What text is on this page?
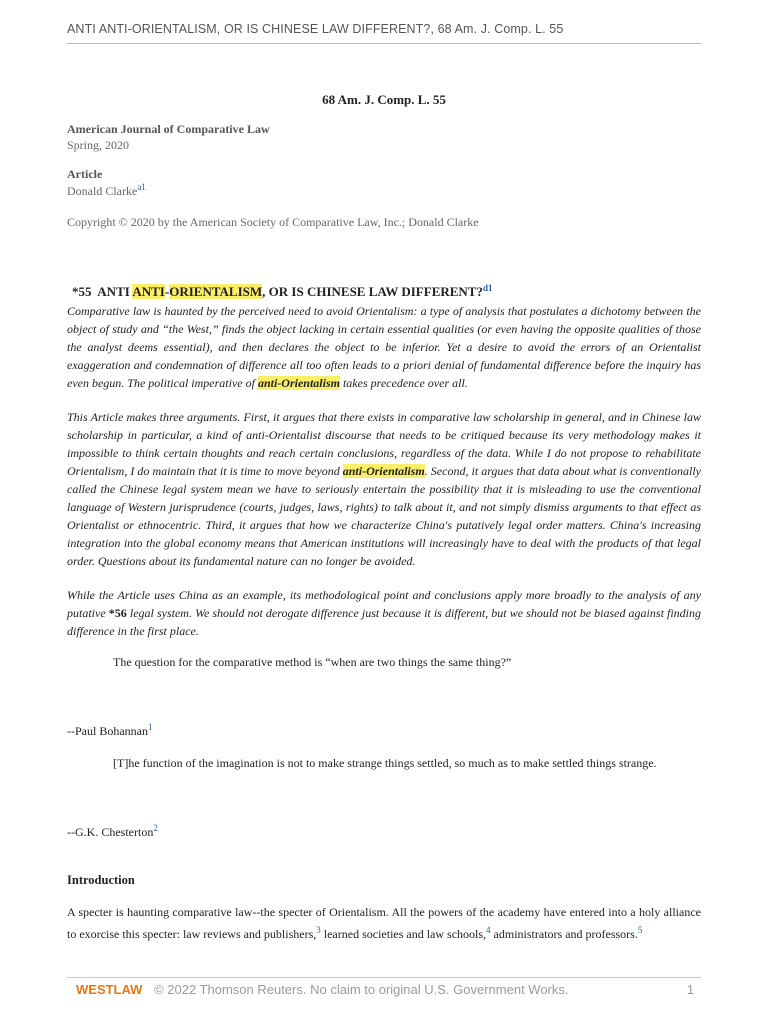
ANTI ANTI-ORIENTALISM, OR IS CHINESE LAW DIFFERENT?, 68 Am. J. Comp. L. 55
68 Am. J. Comp. L. 55
American Journal of Comparative Law
Spring, 2020
Article
Donald Clarke$^{a1}$
Copyright © 2020 by the American Society of Comparative Law, Inc.; Donald Clarke
*55 ANTI ANTI-ORIENTALISM, OR IS CHINESE LAW DIFFERENT?$^{d1}$

Comparative law is haunted by the perceived need to avoid Orientalism: a type of analysis that postulates a dichotomy between the object of study and “the West,” finds the object lacking in certain essential qualities (or even having the opposite qualities of those the analyst deems essential), and then declares the object to be inferior. Yet a desire to avoid the errors of an Orientalist exaggeration and condemnation of difference all too often leads to a priori denial of fundamental difference before the inquiry has even begun. The political imperative of anti-Orientalism takes precedence over all.

This Article makes three arguments. First, it argues that there exists in comparative law scholarship in general, and in Chinese law scholarship in particular, a kind of anti-Orientalist discourse that needs to be critiqued because its very methodology makes it impossible to think certain thoughts and reach certain conclusions, regardless of the data. While I do not propose to rehabilitate Orientalism, I do maintain that it is time to move beyond anti-Orientalism. Second, it argues that data about what is conventionally called the Chinese legal system mean we have to seriously entertain the possibility that it is misleading to use the conventional language of Western jurisprudence (courts, judges, laws, rights) to talk about it, and not simply dismiss arguments to that effect as Orientalist or ethnocentric. Third, it argues that how we characterize China's putatively legal order matters. China's increasing integration into the global economy means that American institutions will increasingly have to deal with the products of that legal order. Questions about its fundamental nature can no longer be avoided.

While the Article uses China as an example, its methodological point and conclusions apply more broadly to the analysis of any putative *56 legal system. We should not derogate difference just because it is different, but we should not be biased against finding difference in the first place.

The question for the comparative method is “when are two things the same thing?”
--Paul Bohannan$^1$
[T]he function of the imagination is not to make strange things settled, so much as to make settled things strange.
--G.K. Chesterton$^2$
Introduction
A specter is haunting comparative law--the specter of Orientalism. All the powers of the academy have entered into a holy alliance to exorcise this specter: law reviews and publishers,$^3$ learned societies and law schools,$^4$ administrators and professors.$^5$
WESTLAW © 2022 Thomson Reuters. No claim to original U.S. Government Works.	1
